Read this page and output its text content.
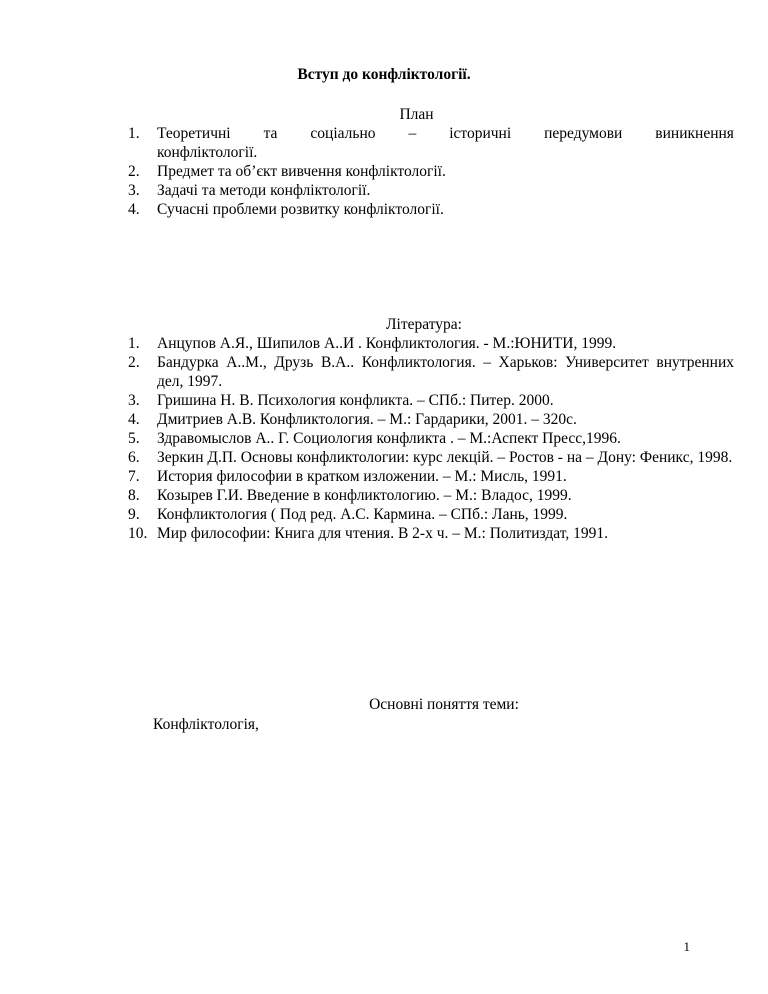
Вступ до конфліктології.
План
1.	Теоретичні та соціально – історичні передумови виникнення
конфліктології.
2.	Предмет та об’єкт вивчення конфліктології.
3.	Задачі та методи конфліктології.
4.	Сучасні проблеми розвитку конфліктології.
Література:
1.	Анцупов А.Я., Шипилов А..И . Конфликтология. - М.:ЮНИТИ, 1999.
2.	Бандурка А..М., Друзь В.А.. Конфликтология. – Харьков: Университет внутренних дел, 1997.
3.	Гришина Н. В. Психология конфликта. – СПб.: Питер. 2000.
4.	Дмитриев А.В. Конфликтология. – М.: Гардарики, 2001. – 320с.
5.	Здравомыслов А.. Г. Социология конфликта . – М.:Аспект Пресс,1996.
6.	Зеркин Д.П. Основы конфликтологии: курс лекцій. – Ростов - на – Дону: Феникс, 1998.
7.	История философии в кратком изложении. – М.: Мисль, 1991.
8.	Козырев Г.И. Введение в конфликтологию. – М.: Владос, 1999.
9.	Конфликтология ( Под ред. А.С. Кармина. – СПб.: Лань, 1999.
10. Мир философии: Книга для чтения. В 2-х ч. – М.: Политиздат, 1991.
Основні поняття теми:
Конфліктологія,
1
